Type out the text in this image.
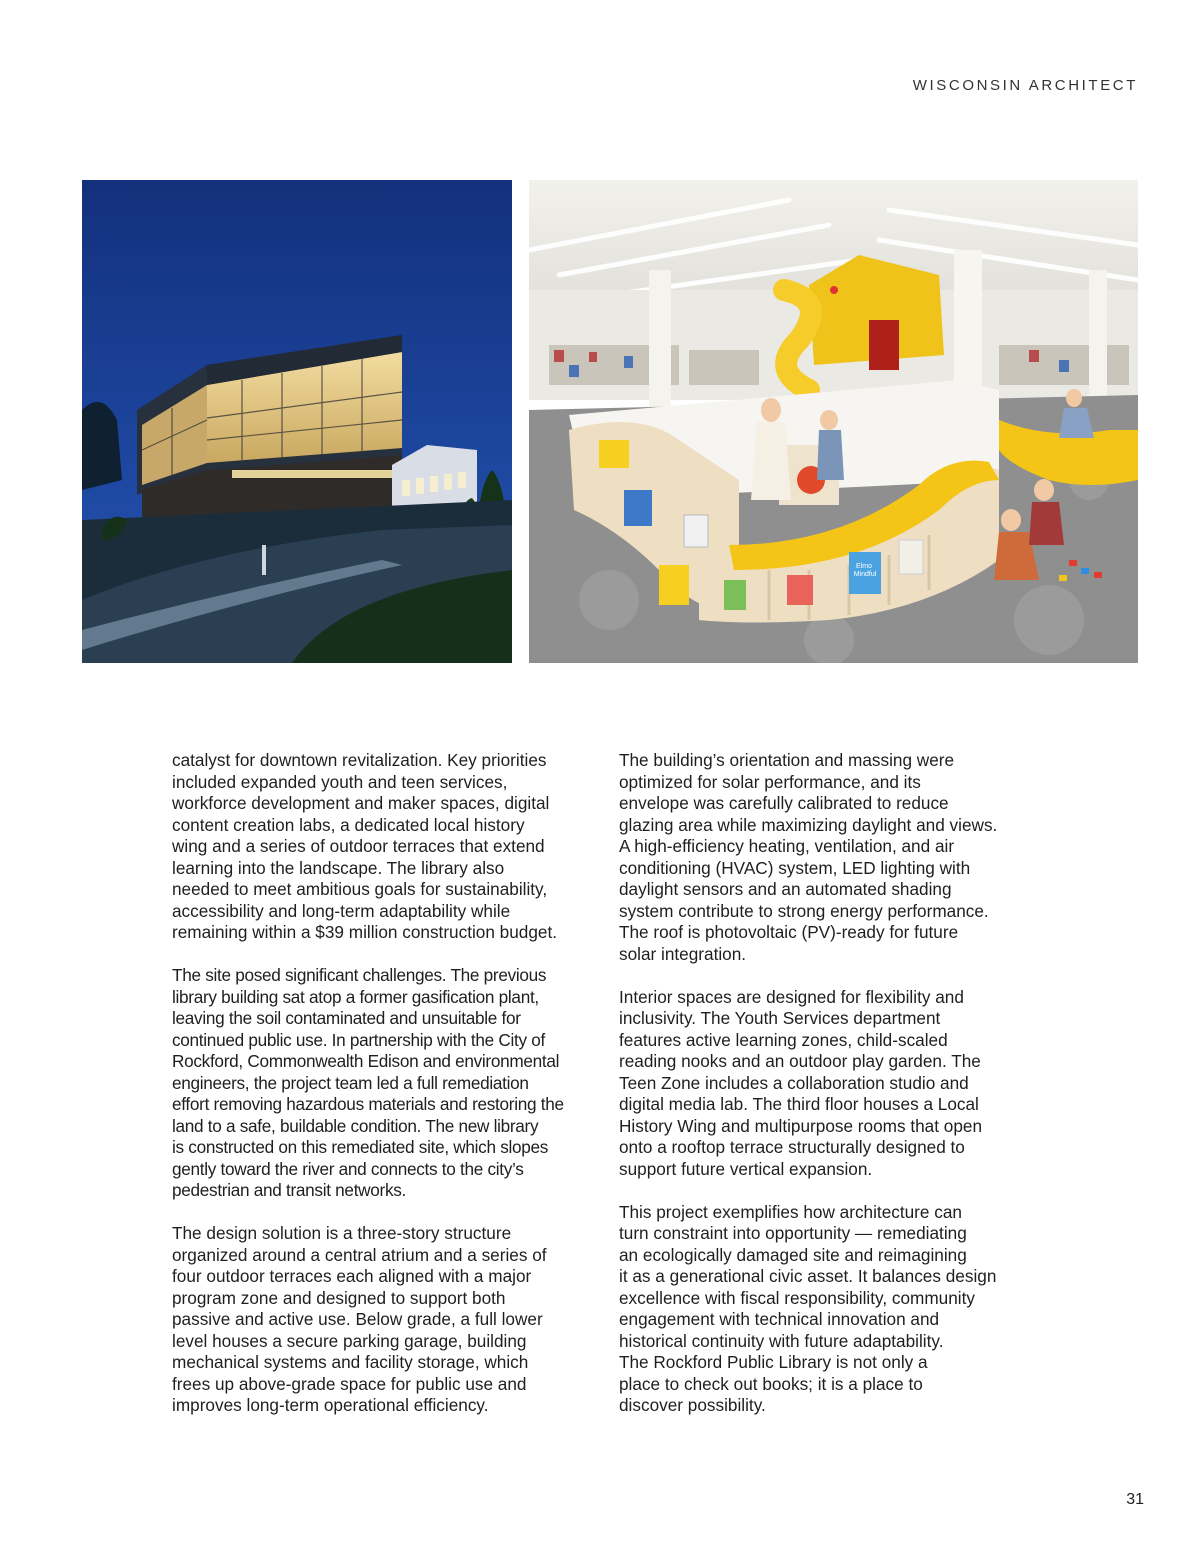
WISCONSIN ARCHITECT
Elmo Mindful

catalyst for downtown revitalization. Key priorities
included expanded youth and teen services,
workforce development and maker spaces, digital
content creation labs, a dedicated local history
wing and a series of outdoor terraces that extend
learning into the landscape. The library also
needed to meet ambitious goals for sustainability,
accessibility and long-term adaptability while
remaining within a $39 million construction budget.

The site posed significant challenges. The previous
library building sat atop a former gasification plant,
leaving the soil contaminated and unsuitable for
continued public use. In partnership with the City of
Rockford, Commonwealth Edison and environmental
engineers, the project team led a full remediation
effort removing hazardous materials and restoring the
land to a safe, buildable condition. The new library
is constructed on this remediated site, which slopes
gently toward the river and connects to the city’s
pedestrian and transit networks.

The design solution is a three-story structure
organized around a central atrium and a series of
four outdoor terraces each aligned with a major
program zone and designed to support both
passive and active use. Below grade, a full lower
level houses a secure parking garage, building
mechanical systems and facility storage, which
frees up above-grade space for public use and
improves long-term operational efficiency.

The building’s orientation and massing were
optimized for solar performance, and its
envelope was carefully calibrated to reduce
glazing area while maximizing daylight and views.
A high-efficiency heating, ventilation, and air
conditioning (HVAC) system, LED lighting with
daylight sensors and an automated shading
system contribute to strong energy performance.
The roof is photovoltaic (PV)-ready for future
solar integration.

Interior spaces are designed for flexibility and
inclusivity. The Youth Services department
features active learning zones, child-scaled
reading nooks and an outdoor play garden. The
Teen Zone includes a collaboration studio and
digital media lab. The third floor houses a Local
History Wing and multipurpose rooms that open
onto a rooftop terrace structurally designed to
support future vertical expansion.

This project exemplifies how architecture can
turn constraint into opportunity — remediating
an ecologically damaged site and reimagining
it as a generational civic asset. It balances design
excellence with fiscal responsibility, community
engagement with technical innovation and
historical continuity with future adaptability.
The Rockford Public Library is not only a
place to check out books; it is a place to
discover possibility.

31
